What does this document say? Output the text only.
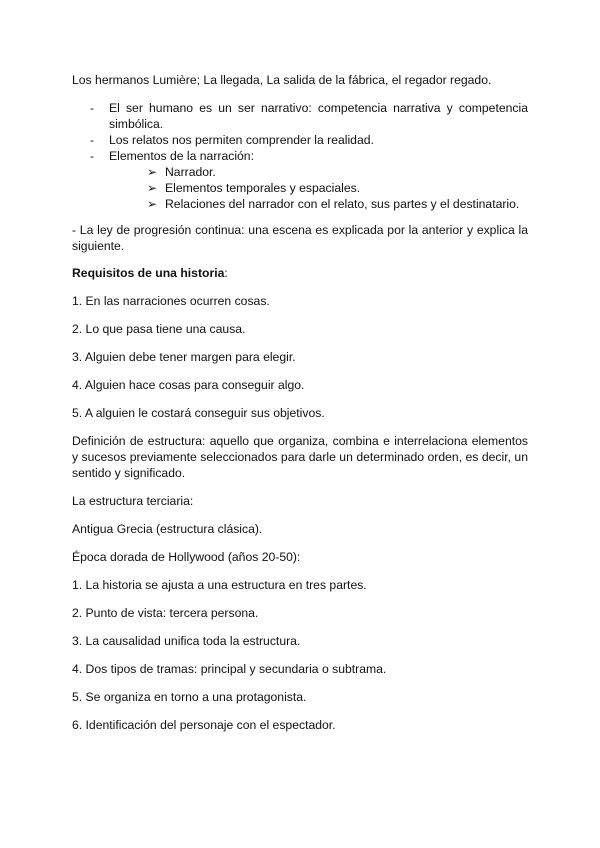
Los hermanos Lumière; La llegada, La salida de la fábrica, el regador regado.

- El ser humano es un ser narrativo: competencia narrativa y competencia simbólica.
- Los relatos nos permiten comprender la realidad.
- Elementos de la narración:
➢ Narrador.
➢ Elementos temporales y espaciales.
➢ Relaciones del narrador con el relato, sus partes y el destinatario.

- La ley de progresión continua: una escena es explicada por la anterior y explica la siguiente.

Requisitos de una historia:

1. En las narraciones ocurren cosas.

2. Lo que pasa tiene una causa.

3. Alguien debe tener margen para elegir.

4. Alguien hace cosas para conseguir algo.

5. A alguien le costará conseguir sus objetivos.

Definición de estructura: aquello que organiza, combina e interrelaciona elementos y sucesos previamente seleccionados para darle un determinado orden, es decir, un sentido y significado.

La estructura terciaria:

Antigua Grecia (estructura clásica).

Época dorada de Hollywood (años 20-50):

1. La historia se ajusta a una estructura en tres partes.

2. Punto de vista: tercera persona.

3. La causalidad unifica toda la estructura.

4. Dos tipos de tramas: principal y secundaria o subtrama.

5. Se organiza en torno a una protagonista.

6. Identificación del personaje con el espectador.
